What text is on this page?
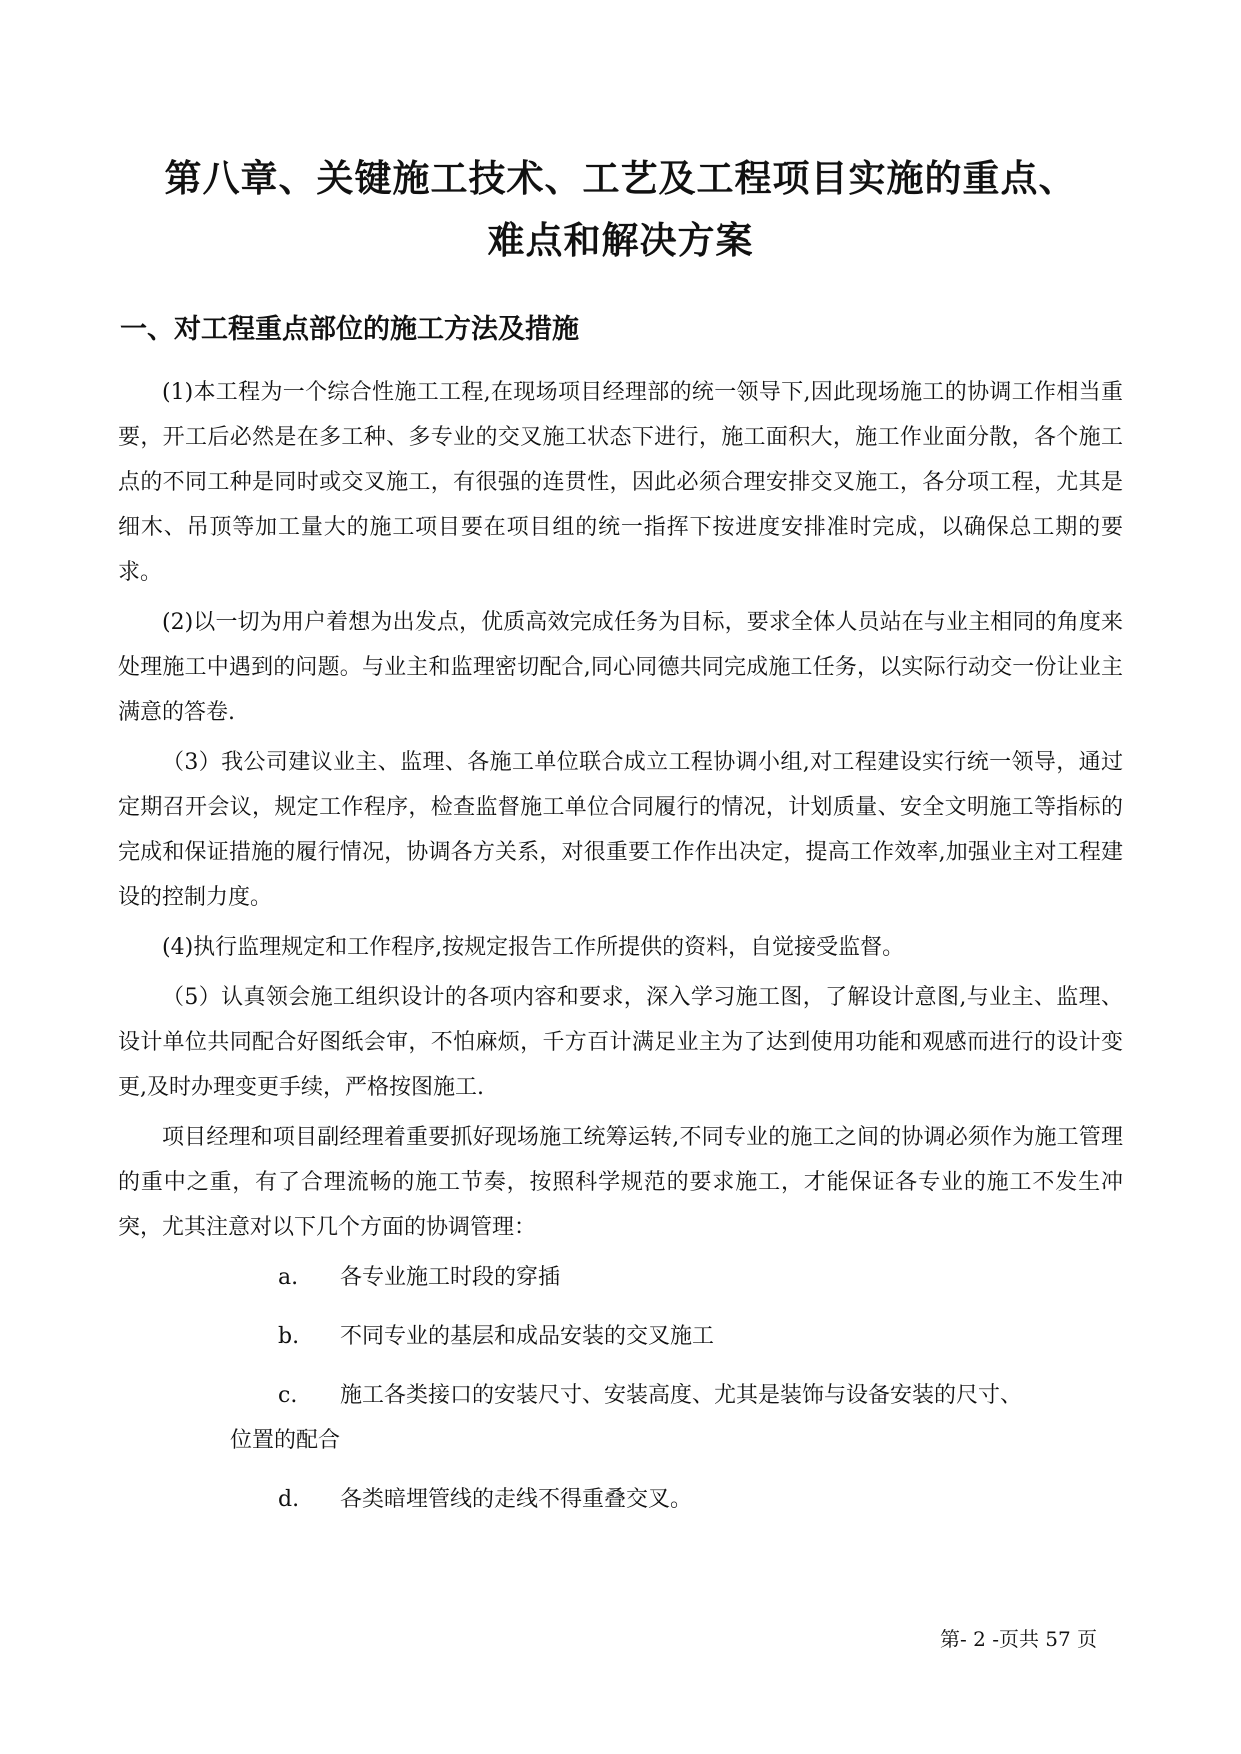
第八章、关键施工技术、工艺及工程项目实施的重点、
难点和解决方案
一、对工程重点部位的施工方法及措施

(1)本工程为一个综合性施工工程,在现场项目经理部的统一领导下,因此现场施工的协调工作相当重要，开工后必然是在多工种、多专业的交叉施工状态下进行，施工面积大，施工作业面分散，各个施工点的不同工种是同时或交叉施工，有很强的连贯性，因此必须合理安排交叉施工，各分项工程，尤其是细木、吊顶等加工量大的施工项目要在项目组的统一指挥下按进度安排准时完成，以确保总工期的要求。

(2)以一切为用户着想为出发点，优质高效完成任务为目标，要求全体人员站在与业主相同的角度来处理施工中遇到的问题。与业主和监理密切配合,同心同德共同完成施工任务，以实际行动交一份让业主满意的答卷.

（3）我公司建议业主、监理、各施工单位联合成立工程协调小组,对工程建设实行统一领导，通过定期召开会议，规定工作程序，检查监督施工单位合同履行的情况，计划质量、安全文明施工等指标的完成和保证措施的履行情况，协调各方关系，对很重要工作作出决定，提高工作效率,加强业主对工程建设的控制力度。

(4)执行监理规定和工作程序,按规定报告工作所提供的资料，自觉接受监督。

（5）认真领会施工组织设计的各项内容和要求，深入学习施工图，了解设计意图,与业主、监理、设计单位共同配合好图纸会审，不怕麻烦，千方百计满足业主为了达到使用功能和观感而进行的设计变更,及时办理变更手续，严格按图施工.

项目经理和项目副经理着重要抓好现场施工统筹运转,不同专业的施工之间的协调必须作为施工管理的重中之重，有了合理流畅的施工节奏，按照科学规范的要求施工，才能保证各专业的施工不发生冲突，尤其注意对以下几个方面的协调管理：

a.	各专业施工时段的穿插
b.	不同专业的基层和成品安装的交叉施工
c.	施工各类接口的安装尺寸、安装高度、尤其是装饰与设备安装的尺寸、
位置的配合
d.	各类暗埋管线的走线不得重叠交叉。
第- 2 -页共 57 页
